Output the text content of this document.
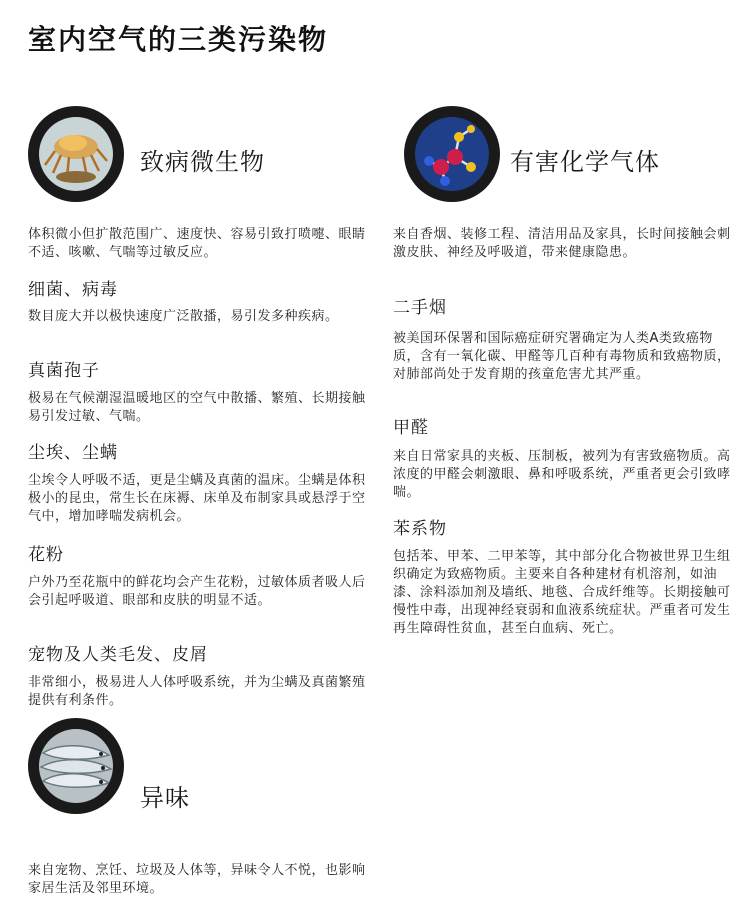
室内空气的三类污染物
致病微生物
体积微小但扩散范围广、速度快、容易引致打喷嚏、眼睛不适、咳嗽、气喘等过敏反应。
细菌、病毒
数目庞大并以极快速度广泛散播，易引发多种疾病。
真菌孢子
极易在气候潮湿温暖地区的空气中散播、繁殖、长期接触易引发过敏、气喘。
尘埃、尘螨
尘埃令人呼吸不适，更是尘螨及真菌的温床。尘螨是体积极小的昆虫，常生长在床褥、床单及布制家具或悬浮于空气中，增加哮喘发病机会。
花粉
户外乃至花瓶中的鲜花均会产生花粉，过敏体质者吸人后会引起呼吸道、眼部和皮肤的明显不适。
宠物及人类毛发、皮屑
非常细小，极易进人人体呼吸系统，并为尘螨及真菌繁殖提供有利条件。
异味
来自宠物、烹饪、垃圾及人体等，异味令人不悦，也影响家居生活及邻里环境。
有害化学气体
来自香烟、装修工程、清洁用品及家具，长时间接触会刺激皮肤、神经及呼吸道，带来健康隐患。
二手烟
被美国环保署和国际癌症研究署确定为人类A类致癌物质，含有一氧化碳、甲醛等几百种有毒物质和致癌物质，对肺部尚处于发育期的孩童危害尤其严重。
甲醛
来自日常家具的夹板、压制板，被列为有害致癌物质。高浓度的甲醛会刺激眼、鼻和呼吸系统，严重者更会引致哮喘。
苯系物
包括苯、甲苯、二甲苯等，其中部分化合物被世界卫生组织确定为致癌物质。主要来自各种建材有机溶剂，如油漆、涂料添加剂及墙纸、地毯、合成纤维等。长期接触可慢性中毒，出现神经衰弱和血液系统症状。严重者可发生再生障碍性贫血，甚至白血病、死亡。
